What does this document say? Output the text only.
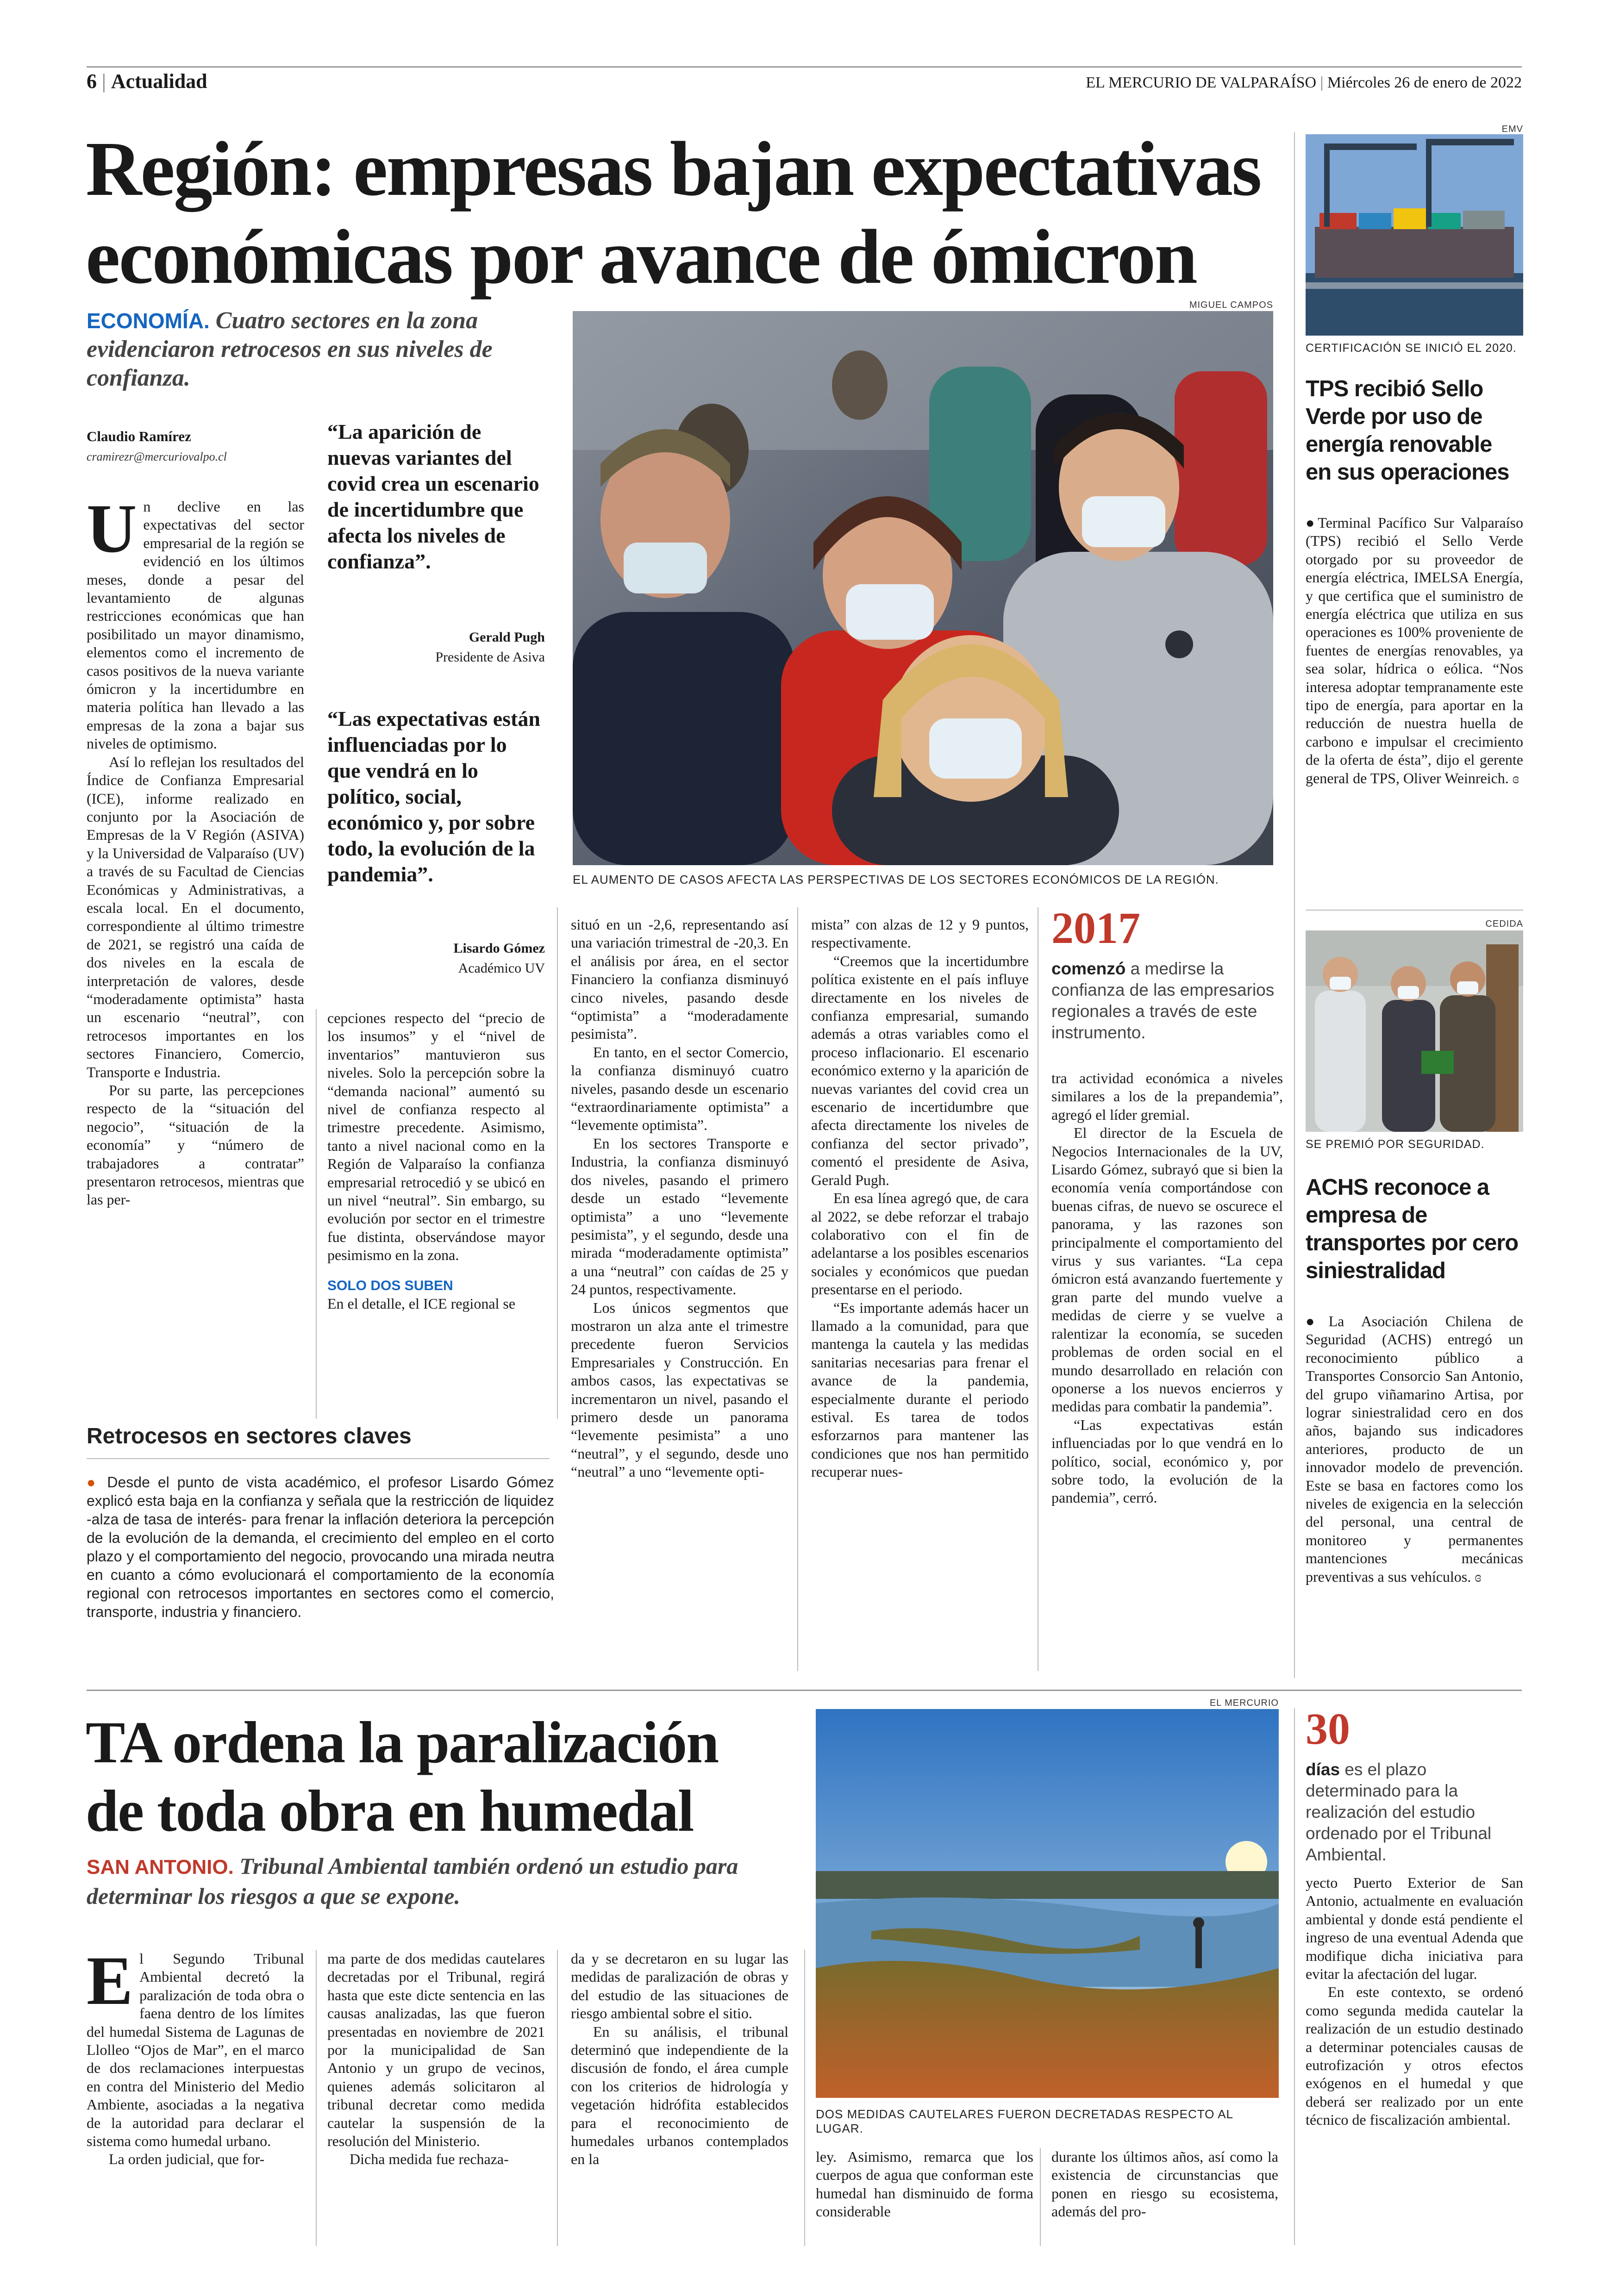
6 | Actualidad	EL MERCURIO DE VALPARAÍSO | Miércoles 26 de enero de 2022
Región: empresas bajan expectativas económicas por avance de ómicron
ECONOMÍA. Cuatro sectores en la zona evidenciaron retrocesos en sus niveles de confianza.
Claudio Ramírez
cramirezr@mercuriovalpo.cl
“La aparición de nuevas variantes del covid crea un escenario de incertidumbre que afecta los niveles de confianza”.
Gerald Pugh
Presidente de Asiva
“Las expectativas están influenciadas por lo que vendrá en lo político, social, económico y, por sobre todo, la evolución de la pandemia”.
Lisardo Gómez
Académico UV
MIGUEL CAMPOS
EL AUMENTO DE CASOS AFECTA LAS PERSPECTIVAS DE LOS SECTORES ECONÓMICOS DE LA REGIÓN.
U n declive en las expectativas del sector empresarial de la región se evidenció en los últimos meses, donde a pesar del levantamiento de algunas restricciones económicas que han posibilitado un mayor dinamismo, elementos como el incremento de casos positivos de la nueva variante ómicron y la incertidumbre en materia política han llevado a las empresas de la zona a bajar sus niveles de optimismo.

Así lo reflejan los resultados del Índice de Confianza Empresarial (ICE), informe realizado en conjunto por la Asociación de Empresas de la V Región (ASIVA) y la Universidad de Valparaíso (UV) a través de su Facultad de Ciencias Económicas y Administrativas, a escala local. En el documento, correspondiente al último trimestre de 2021, se registró una caída de dos niveles en la escala de interpretación de valores, desde “moderadamente optimista” hasta un escenario “neutral”, con retrocesos importantes en los sectores Financiero, Comercio, Transporte e Industria.

Por su parte, las percepciones respecto de la “situación del negocio”, “situación de la economía” y “número de trabajadores a contratar” presentaron retrocesos, mientras que las per-

cepciones respecto del “precio de los insumos” y el “nivel de inventarios” mantuvieron sus niveles. Solo la percepción sobre la “demanda nacional” aumentó su nivel de confianza respecto al trimestre precedente. Asimismo, tanto a nivel nacional como en la Región de Valparaíso la confianza empresarial retrocedió y se ubicó en un nivel “neutral”. Sin embargo, su evolución por sector en el trimestre fue distinta, observándose mayor pesimismo en la zona.

SOLO DOS SUBEN

En el detalle, el ICE regional se

situó en un -2,6, representando así una variación trimestral de -20,3. En el análisis por área, en el sector Financiero la confianza disminuyó cinco niveles, pasando desde “optimista” a “moderadamente pesimista”.

En tanto, en el sector Comercio, la confianza disminuyó cuatro niveles, pasando desde un escenario “extraordinariamente optimista” a “levemente optimista”.

En los sectores Transporte e Industria, la confianza disminuyó dos niveles, pasando el primero desde un estado “levemente optimista” a uno “levemente pesimista”, y el segundo, desde una mirada “moderadamente optimista” a una “neutral” con caídas de 25 y 24 puntos, respectivamente.

Los únicos segmentos que mostraron un alza ante el trimestre precedente fueron Servicios Empresariales y Construcción. En ambos casos, las expectativas se incrementaron un nivel, pasando el primero desde un panorama “levemente pesimista” a uno “neutral”, y el segundo, desde uno “neutral” a uno “levemente opti-

mista” con alzas de 12 y 9 puntos, respectivamente.

“Creemos que la incertidumbre política existente en el país influye directamente en los niveles de confianza empresarial, sumando además a otras variables como el proceso inflacionario. El escenario económico externo y la aparición de nuevas variantes del covid crea un escenario de incertidumbre que afecta directamente los niveles de confianza del sector privado”, comentó el presidente de Asiva, Gerald Pugh.

En esa línea agregó que, de cara al 2022, se debe reforzar el trabajo colaborativo con el fin de adelantarse a los posibles escenarios sociales y económicos que puedan presentarse en el periodo.

“Es importante además hacer un llamado a la comunidad, para que mantenga la cautela y las medidas sanitarias necesarias para frenar el avance de la pandemia, especialmente durante el periodo estival. Es tarea de todos esforzarnos para mantener las condiciones que nos han permitido recuperar nues-

2017
comenzó a medirse la confianza de las empresarios regionales a través de este instrumento.

tra actividad económica a niveles similares a los de la prepandemia”, agregó el líder gremial.

El director de la Escuela de Negocios Internacionales de la UV, Lisardo Gómez, subrayó que si bien la economía venía comportándose con buenas cifras, de nuevo se oscurece el panorama, y las razones son principalmente el comportamiento del virus y sus variantes. “La cepa ómicron está avanzando fuertemente y gran parte del mundo vuelve a medidas de cierre y se vuelve a ralentizar la economía, se suceden problemas de orden social en el mundo desarrollado en relación con oponerse a los nuevos encierros y medidas para combatir la pandemia”.

“Las expectativas están influenciadas por lo que vendrá en lo político, social, económico y, por sobre todo, la evolución de la pandemia”, cerró.

Retrocesos en sectores claves
● Desde el punto de vista académico, el profesor Lisardo Gómez explicó esta baja en la confianza y señala que la restricción de liquidez -alza de tasa de interés- para frenar la inflación deteriora la percepción de la evolución de la demanda, el crecimiento del empleo en el corto plazo y el comportamiento del negocio, provocando una mirada neutra en cuanto a cómo evolucionará el comportamiento de la economía regional con retrocesos importantes en sectores como el comercio, transporte, industria y financiero.
EMV
CERTIFICACIÓN SE INICIÓ EL 2020.
TPS recibió Sello Verde por uso de energía renovable en sus operaciones

●Terminal Pacífico Sur Valparaíso (TPS) recibió el Sello Verde otorgado por su proveedor de energía eléctrica, IMELSA Energía, y que certifica que el suministro de energía eléctrica que utiliza en sus operaciones es 100% proveniente de fuentes de energías renovables, ya sea solar, hídrica o eólica. “Nos interesa adoptar tempranamente este tipo de energía, para aportar en la reducción de nuestra huella de carbono e impulsar el crecimiento de la oferta de ésta”, dijo el gerente general de TPS, Oliver Weinreich. ɞ

CEDIDA
SE PREMIÓ POR SEGURIDAD.
ACHS reconoce a empresa de transportes por cero siniestralidad

●La Asociación Chilena de Seguridad (ACHS) entregó un reconocimiento público a Transportes Consorcio San Antonio, del grupo viñamarino Artisa, por lograr siniestralidad cero en dos años, bajando sus indicadores anteriores, producto de un innovador modelo de prevención. Este se basa en factores como los niveles de exigencia en la selección del personal, una central de monitoreo y permanentes mantenciones mecánicas preventivas a sus vehículos. ɞ

TA ordena la paralización
de toda obra en humedal
SAN ANTONIO. Tribunal Ambiental también ordenó un estudio para determinar los riesgos a que se expone.
EL MERCURIO
DOS MEDIDAS CAUTELARES FUERON DECRETADAS RESPECTO AL LUGAR.
E l Segundo Tribunal Ambiental decretó la paralización de toda obra o faena dentro de los límites del humedal Sistema de Lagunas de Llolleo “Ojos de Mar”, en el marco de dos reclamaciones interpuestas en contra del Ministerio del Medio Ambiente, asociadas a la negativa de la autoridad para declarar el sistema como humedal urbano.

La orden judicial, que for-

ma parte de dos medidas cautelares decretadas por el Tribunal, regirá hasta que este dicte sentencia en las causas analizadas, las que fueron presentadas en noviembre de 2021 por la municipalidad de San Antonio y un grupo de vecinos, quienes además solicitaron al tribunal decretar como medida cautelar la suspensión de la resolución del Ministerio.

Dicha medida fue rechaza-

da y se decretaron en su lugar las medidas de paralización de obras y del estudio de las situaciones de riesgo ambiental sobre el sitio.

En su análisis, el tribunal determinó que independiente de la discusión de fondo, el área cumple con los criterios de hidrología y vegetación hidrófita establecidos para el reconocimiento de humedales urbanos contemplados en la	ley. Asimismo, remarca que los cuerpos de agua que conforman este humedal han disminuido de forma considerable

durante los últimos años, así como la existencia de circunstancias que ponen en riesgo su ecosistema, además del pro-

30
días es el plazo determinado para la realización del estudio ordenado por el Tribunal Ambiental.

yecto Puerto Exterior de San Antonio, actualmente en evaluación ambiental y donde está pendiente el ingreso de una eventual Adenda que modifique dicha iniciativa para evitar la afectación del lugar.

En este contexto, se ordenó como segunda medida cautelar la realización de un estudio destinado a determinar potenciales causas de eutrofización y otros efectos exógenos en el humedal y que deberá ser realizado por un ente técnico de fiscalización ambiental.
